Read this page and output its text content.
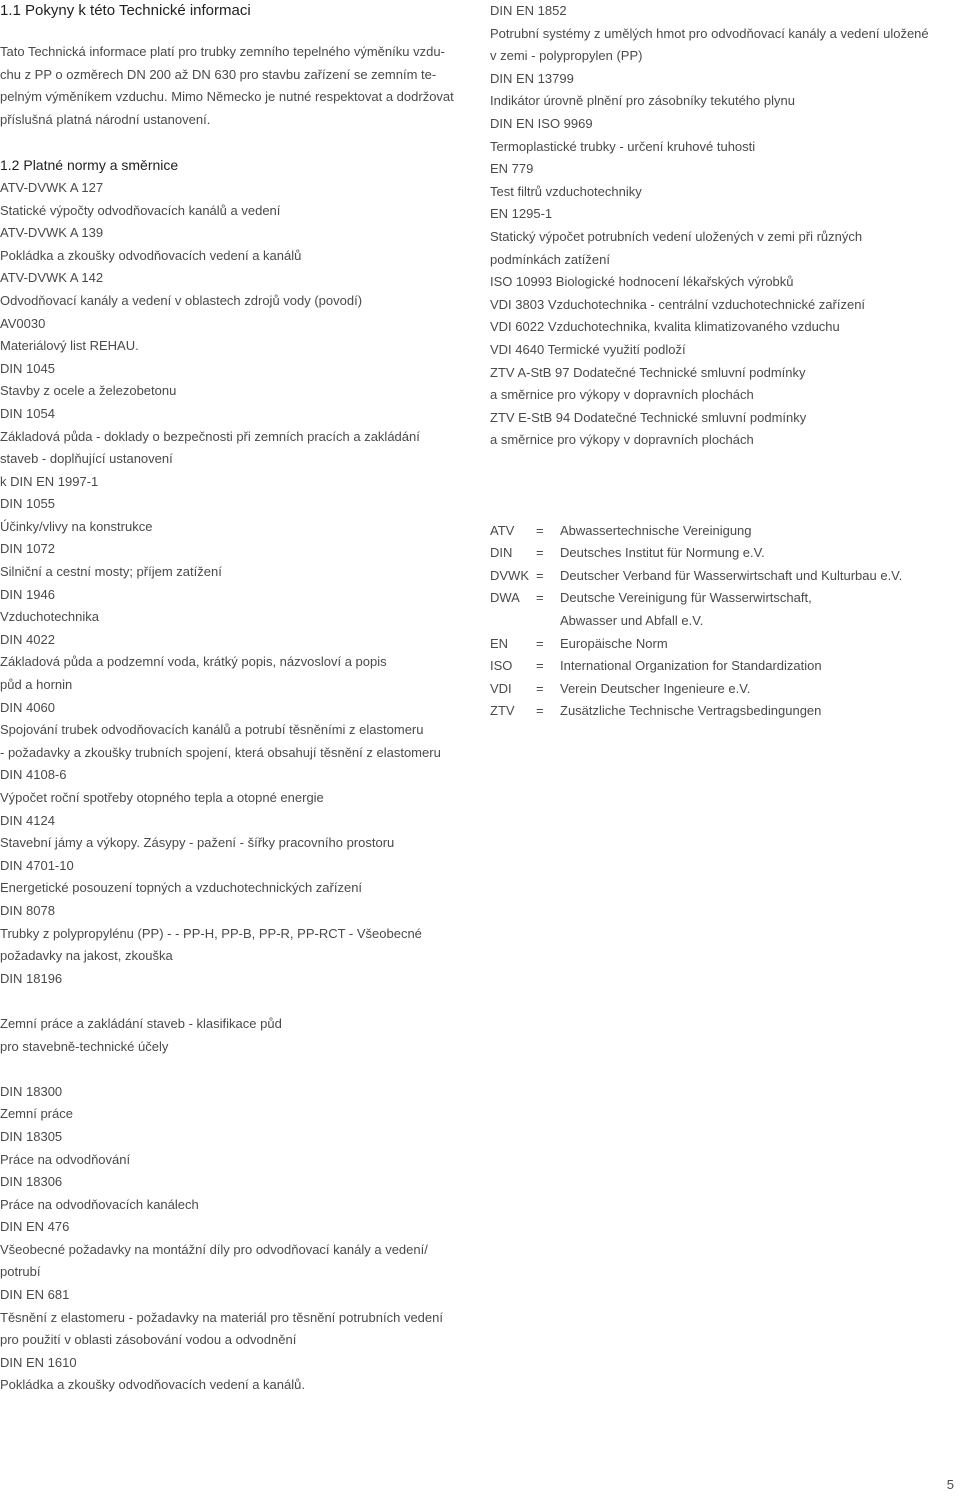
1.1 Pokyny k této Technické informaci
Tato Technická informace platí pro trubky zemního tepelného výměníku vzdu-
chu z PP o ozměrech DN 200 až DN 630 pro stavbu zařízení se zemním te-
pelným výměníkem vzduchu. Mimo Německo je nutné respektovat a dodržovat
příslušná platná národní ustanovení.
1.2 Platné normy a směrnice
ATV-DVWK A 127
Statické výpočty odvodňovacích kanálů a vedení
ATV-DVWK A 139
Pokládka a zkoušky odvodňovacích vedení a kanálů
ATV-DVWK A 142
Odvodňovací kanály a vedení v oblastech zdrojů vody (povodí)
AV0030
Materiálový list REHAU.
DIN 1045
Stavby z ocele a železobetonu
DIN 1054
Základová půda - doklady o bezpečnosti při zemních pracích a zakládání
staveb - doplňující ustanovení
k DIN EN 1997-1
DIN 1055
Účinky/vlivy na konstrukce
DIN 1072
Silniční a cestní mosty; příjem zatížení
DIN 1946
Vzduchotechnika
DIN 4022
Základová půda a podzemní voda, krátký popis, názvosloví a popis
půd a hornin
DIN 4060
Spojování trubek odvodňovacích kanálů a potrubí těsněními z elastomeru
- požadavky a zkoušky trubních spojení, která obsahují těsnění z elastomeru
DIN 4108-6
Výpočet roční spotřeby otopného tepla a otopné energie
DIN 4124
Stavební jámy a výkopy. Zásypy - pažení - šířky pracovního prostoru
DIN 4701-10
Energetické posouzení topných a vzduchotechnických zařízení
DIN 8078
Trubky z polypropylénu (PP) - - PP-H, PP-B, PP-R, PP-RCT - Všeobecné
požadavky na jakost, zkouška
DIN 18196
Zemní práce a zakládání staveb - klasifikace půd
pro stavebně-technické účely
DIN 18300
Zemní práce
DIN 18305
Práce na odvodňování
DIN 18306
Práce na odvodňovacích kanálech
DIN EN 476
Všeobecné požadavky na montážní díly pro odvodňovací kanály a vedení/
potrubí
DIN EN 681
Těsnění z elastomeru - požadavky na materiál pro těsnění potrubních vedení
pro použití v oblasti zásobování vodou a odvodnění
DIN EN 1610
Pokládka a zkoušky odvodňovacích vedení a kanálů.
DIN EN 1852
Potrubní systémy z umělých hmot pro odvodňovací kanály a vedení uložené
v zemi - polypropylen (PP)
DIN EN 13799
Indikátor úrovně plnění pro zásobníky tekutého plynu
DIN EN ISO 9969
Termoplastické trubky - určení kruhové tuhosti
EN 779
Test filtrů vzduchotechniky
EN 1295-1
Statický výpočet potrubních vedení uložených v zemi při různých
podmínkách zatížení
ISO 10993 Biologické hodnocení lékařských výrobků
VDI 3803 Vzduchotechnika - centrální vzduchotechnické zařízení
VDI 6022 Vzduchotechnika, kvalita klimatizovaného vzduchu
VDI 4640 Termické využití podloží
ZTV A-StB 97 Dodatečné Technické smluvní podmínky
a směrnice pro výkopy v dopravních plochách
ZTV E-StB 94 Dodatečné Technické smluvní podmínky
a směrnice pro výkopy v dopravních plochách
ATV	=	Abwassertechnische Vereinigung
DIN	=	Deutsches Institut für Normung e.V.
DVWK =	Deutscher Verband für Wasserwirtschaft und Kulturbau e.V.
DWA	=	Deutsche Vereinigung für Wasserwirtschaft,
Abwasser und Abfall e.V.
EN	=	Europäische Norm
ISO	=	International Organization for Standardization
VDI	=	Verein Deutscher Ingenieure e.V.
ZTV	=	Zusätzliche Technische Vertragsbedingungen
5
